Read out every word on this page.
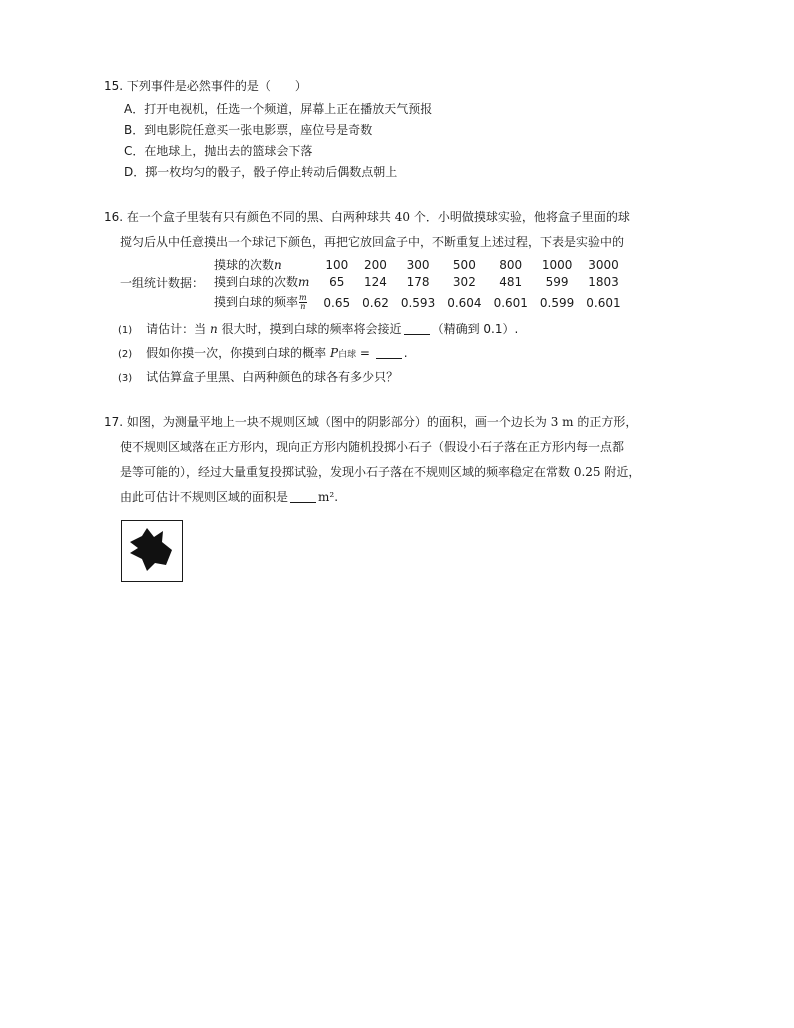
15. 下列事件是必然事件的是（　　）
A．打开电视机，任选一个频道，屏幕上正在播放天气预报
B．到电影院任意买一张电影票，座位号是奇数
C．在地球上，抛出去的篮球会下落
D．掷一枚均匀的骰子，骰子停止转动后偶数点朝上
16. 在一个盒子里装有只有颜色不同的黑、白两种球共 40 个．小明做摸球实验，他将盒子里面的球
搅匀后从中任意摸出一个球记下颜色，再把它放回盒子中，不断重复上述过程，下表是实验中的
一组统计数据：
摸球的次数n	100	200	300	500	800	1000	3000
摸到白球的次数m	65	124	178	302	481	599	1803
摸到白球的频率 $\frac{m}{n}$	0.65	0.62	0.593	0.604	0.601	0.599	0.601
(1) 请估计：当 n 很大时，摸到白球的频率将会接近	（精确到 0.1）.
(2) 假如你摸一次，你摸到白球的概率 P白球 =	.
(3) 试估算盒子里黑、白两种颜色的球各有多少只？
17. 如图，为测量平地上一块不规则区域（图中的阴影部分）的面积，画一个边长为 3 m 的正方形，
使不规则区域落在正方形内，现向正方形内随机投掷小石子（假设小石子落在正方形内每一点都
是等可能的），经过大量重复投掷试验，发现小石子落在不规则区域的频率稳定在常数 0.25 附近，
由此可估计不规则区域的面积是	m².
